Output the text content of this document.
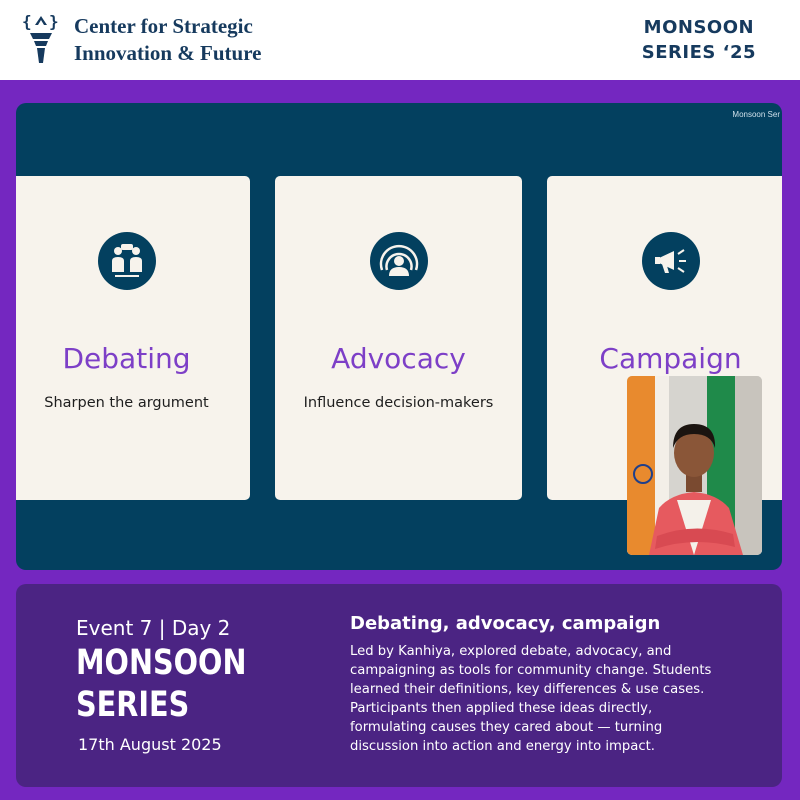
{ } Center for Strategic
Innovation & Future
MONSOON
SERIES ‘25
Monsoon Ser
Debating
Sharpen the argument
Advocacy
Influence decision-makers
Campaign
Event 7 | Day 2
MONSOON
SERIES
17th August 2025
Debating, advocacy, campaign
Led by Kanhiya, explored debate, advocacy, and campaigning as tools for community change. Students learned their definitions, key differences & use cases. Participants then applied these ideas directly, formulating causes they cared about — turning discussion into action and energy into impact.
